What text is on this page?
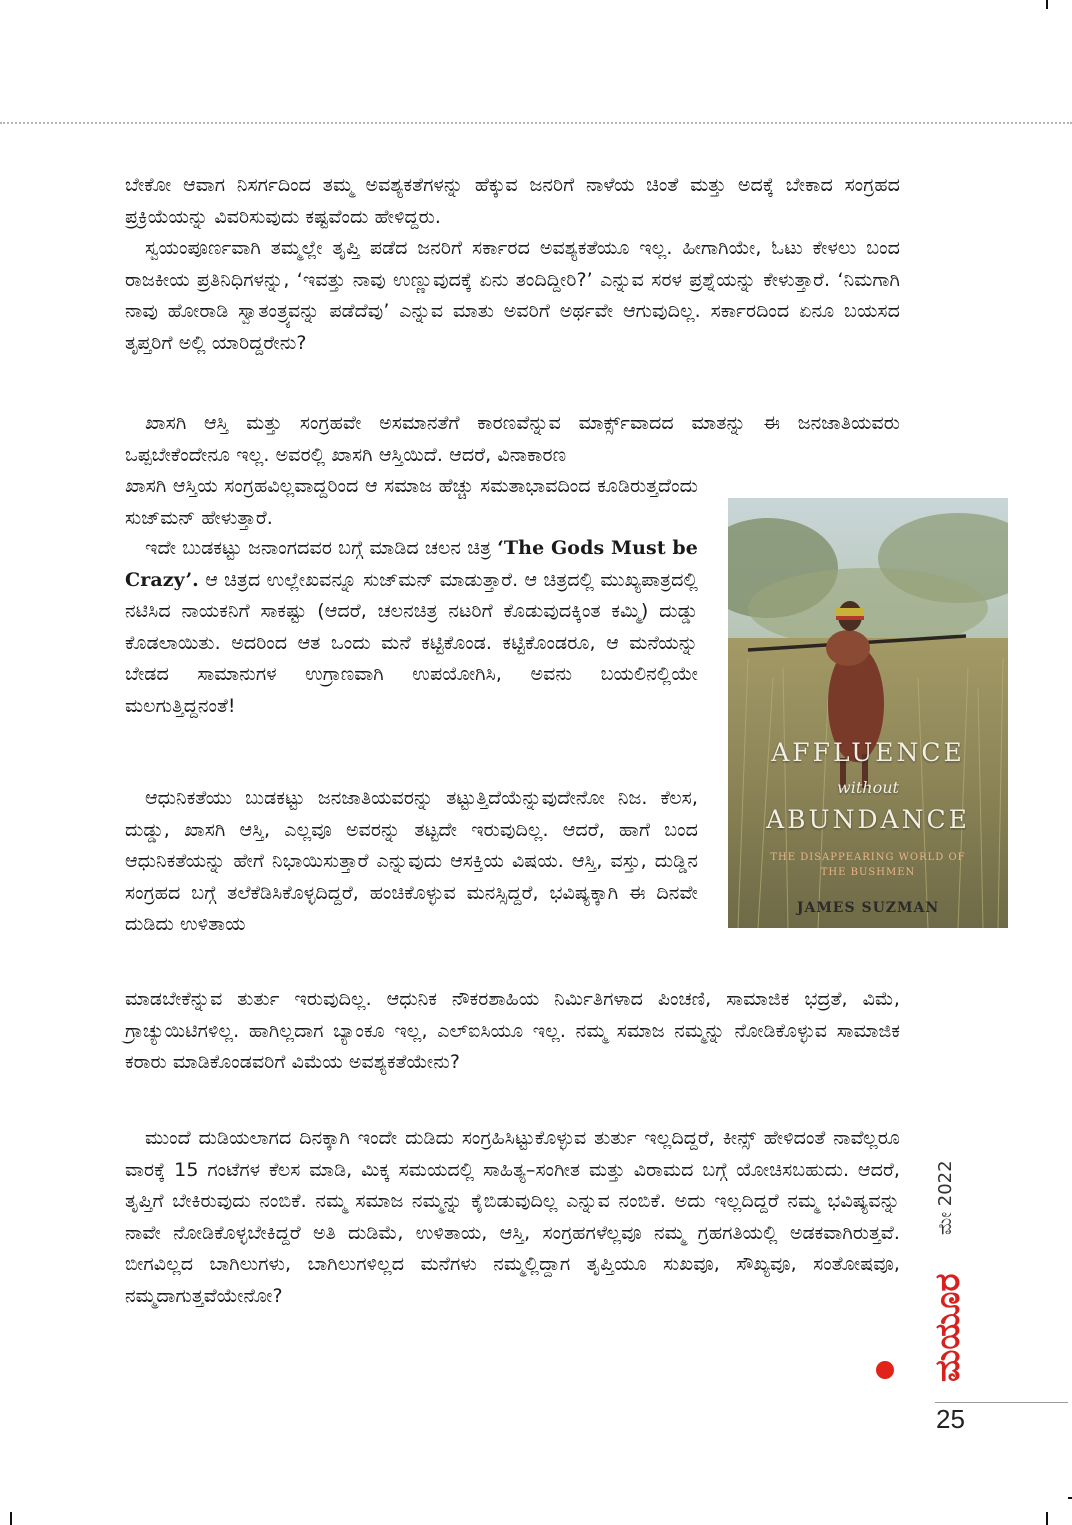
ಬೇಕೋ ಆವಾಗ ನಿಸರ್ಗದಿಂದ ತಮ್ಮ ಅವಶ್ಯಕತೆಗಳನ್ನು ಹೆಕ್ಕುವ ಜನರಿಗೆ ನಾಳೆಯ ಚಿಂತೆ ಮತ್ತು ಅದಕ್ಕೆ ಬೇಕಾದ ಸಂಗ್ರಹದ ಪ್ರಕ್ರಿಯೆಯನ್ನು ವಿವರಿಸುವುದು ಕಷ್ಟವೆಂದು ಹೇಳಿದ್ದರು.

ಸ್ವಯಂಪೂರ್ಣವಾಗಿ ತಮ್ಮಲ್ಲೇ ತೃಪ್ತಿ ಪಡೆದ ಜನರಿಗೆ ಸರ್ಕಾರದ ಅವಶ್ಯಕತೆಯೂ ಇಲ್ಲ. ಹೀಗಾಗಿಯೇ, ಓಟು ಕೇಳಲು ಬಂದ ರಾಜಕೀಯ ಪ್ರತಿನಿಧಿಗಳನ್ನು, ‘ಇವತ್ತು ನಾವು ಉಣ್ಣುವುದಕ್ಕೆ ಏನು ತಂದಿದ್ದೀರಿ?’ ಎನ್ನುವ ಸರಳ ಪ್ರಶ್ನೆಯನ್ನು ಕೇಳುತ್ತಾರೆ. ‘ನಿಮಗಾಗಿ ನಾವು ಹೋರಾಡಿ ಸ್ವಾತಂತ್ರ್ಯವನ್ನು ಪಡೆದೆವು’ ಎನ್ನುವ ಮಾತು ಅವರಿಗೆ ಅರ್ಥವೇ ಆಗುವುದಿಲ್ಲ. ಸರ್ಕಾರದಿಂದ ಏನೂ ಬಯಸದ ತೃಪ್ತರಿಗೆ ಅಲ್ಲಿ ಯಾರಿದ್ದರೇನು?

ಖಾಸಗಿ ಆಸ್ತಿ ಮತ್ತು ಸಂಗ್ರಹವೇ ಅಸಮಾನತೆಗೆ ಕಾರಣವೆನ್ನುವ ಮಾರ್ಕ್ಸ್‌ವಾದದ ಮಾತನ್ನು ಈ ಜನಜಾತಿಯವರು ಒಪ್ಪಬೇಕೆಂದೇನೂ ಇಲ್ಲ. ಅವರಲ್ಲಿ ಖಾಸಗಿ ಆಸ್ತಿಯಿದೆ. ಆದರೆ, ವಿನಾಕಾರಣ

ಖಾಸಗಿ ಆಸ್ತಿಯ ಸಂಗ್ರಹವಿಲ್ಲವಾದ್ದರಿಂದ ಆ ಸಮಾಜ ಹೆಚ್ಚು ಸಮತಾಭಾವದಿಂದ ಕೂಡಿರುತ್ತದೆಂದು ಸುಜ್‌ಮನ್ ಹೇಳುತ್ತಾರೆ.

ಇದೇ ಬುಡಕಟ್ಟು ಜನಾಂಗದವರ ಬಗ್ಗೆ ಮಾಡಿದ ಚಲನ ಚಿತ್ರ ‘The Gods Must be Crazy’. ಆ ಚಿತ್ರದ ಉಲ್ಲೇಖವನ್ನೂ ಸುಜ್‌ಮನ್ ಮಾಡುತ್ತಾರೆ. ಆ ಚಿತ್ರದಲ್ಲಿ ಮುಖ್ಯಪಾತ್ರದಲ್ಲಿ ನಟಿಸಿದ ನಾಯಕನಿಗೆ ಸಾಕಷ್ಟು (ಆದರೆ, ಚಲನಚಿತ್ರ ನಟರಿಗೆ ಕೊಡುವುದಕ್ಕಿಂತ ಕಮ್ಮಿ) ದುಡ್ಡು ಕೊಡಲಾಯಿತು. ಅದರಿಂದ ಆತ ಒಂದು ಮನೆ ಕಟ್ಟಿಕೊಂಡ. ಕಟ್ಟಿಕೊಂಡರೂ, ಆ ಮನೆಯನ್ನು ಬೇಡದ ಸಾಮಾನುಗಳ ಉಗ್ರಾಣವಾಗಿ ಉಪಯೋಗಿಸಿ, ಅವನು ಬಯಲಿನಲ್ಲಿಯೇ ಮಲಗುತ್ತಿದ್ದನಂತೆ!

ಆಧುನಿಕತೆಯು ಬುಡಕಟ್ಟು ಜನಜಾತಿಯವರನ್ನು ತಟ್ಟುತ್ತಿದೆಯೆನ್ನುವುದೇನೋ ನಿಜ. ಕೆಲಸ, ದುಡ್ಡು, ಖಾಸಗಿ ಆಸ್ತಿ, ಎಲ್ಲವೂ ಅವರನ್ನು ತಟ್ಟದೇ ಇರುವುದಿಲ್ಲ. ಆದರೆ, ಹಾಗೆ ಬಂದ ಆಧುನಿಕತೆಯನ್ನು ಹೇಗೆ ನಿಭಾಯಿಸುತ್ತಾರೆ ಎನ್ನುವುದು ಆಸಕ್ತಿಯ ವಿಷಯ. ಆಸ್ತಿ, ವಸ್ತು, ದುಡ್ಡಿನ ಸಂಗ್ರಹದ ಬಗ್ಗೆ ತಲೆಕೆಡಿಸಿಕೊಳ್ಳದಿದ್ದರೆ, ಹಂಚಿಕೊಳ್ಳುವ ಮನಸ್ಸಿದ್ದರೆ, ಭವಿಷ್ಯಕ್ಕಾಗಿ ಈ ದಿನವೇ ದುಡಿದು ಉಳಿತಾಯ

ಮಾಡಬೇಕೆನ್ನುವ ತುರ್ತು ಇರುವುದಿಲ್ಲ. ಆಧುನಿಕ ನೌಕರಶಾಹಿಯ ನಿರ್ಮಿತಿಗಳಾದ ಪಿಂಚಣಿ, ಸಾಮಾಜಿಕ ಭದ್ರತೆ, ವಿಮೆ, ಗ್ರಾಚ್ಯುಯಿಟಿಗಳಿಲ್ಲ. ಹಾಗಿಲ್ಲದಾಗ ಬ್ಯಾಂಕೂ ಇಲ್ಲ, ಎಲ್‌ಐಸಿಯೂ ಇಲ್ಲ. ನಮ್ಮ ಸಮಾಜ ನಮ್ಮನ್ನು ನೋಡಿಕೊಳ್ಳುವ ಸಾಮಾಜಿಕ ಕರಾರು ಮಾಡಿಕೊಂಡವರಿಗೆ ವಿಮೆಯ ಅವಶ್ಯಕತೆಯೇನು?

ಮುಂದೆ ದುಡಿಯಲಾಗದ ದಿನಕ್ಕಾಗಿ ಇಂದೇ ದುಡಿದು ಸಂಗ್ರಹಿಸಿಟ್ಟುಕೊಳ್ಳುವ ತುರ್ತು ಇಲ್ಲದಿದ್ದರೆ, ಕೀನ್ಸ್ ಹೇಳಿದಂತೆ ನಾವೆಲ್ಲರೂ ವಾರಕ್ಕೆ 15 ಗಂಟೆಗಳ ಕೆಲಸ ಮಾಡಿ, ಮಿಕ್ಕ ಸಮಯದಲ್ಲಿ ಸಾಹಿತ್ಯ–ಸಂಗೀತ ಮತ್ತು ವಿರಾಮದ ಬಗ್ಗೆ ಯೋಚಿಸಬಹುದು. ಆದರೆ, ತೃಪ್ತಿಗೆ ಬೇಕಿರುವುದು ನಂಬಿಕೆ. ನಮ್ಮ ಸಮಾಜ ನಮ್ಮನ್ನು ಕೈಬಿಡುವುದಿಲ್ಲ ಎನ್ನುವ ನಂಬಿಕೆ. ಅದು ಇಲ್ಲದಿದ್ದರೆ ನಮ್ಮ ಭವಿಷ್ಯವನ್ನು ನಾವೇ ನೋಡಿಕೊಳ್ಳಬೇಕಿದ್ದರೆ ಅತಿ ದುಡಿಮೆ, ಉಳಿತಾಯ, ಆಸ್ತಿ, ಸಂಗ್ರಹಗಳೆಲ್ಲವೂ ನಮ್ಮ ಗ್ರಹಗತಿಯಲ್ಲಿ ಅಡಕವಾಗಿರುತ್ತವೆ. ಬೀಗವಿಲ್ಲದ ಬಾಗಿಲುಗಳು, ಬಾಗಿಲುಗಳಿಲ್ಲದ ಮನೆಗಳು ನಮ್ಮಲ್ಲಿದ್ದಾಗ ತೃಪ್ತಿಯೂ ಸುಖವೂ, ಸೌಖ್ಯವೂ, ಸಂತೋಷವೂ, ನಮ್ಮದಾಗುತ್ತವೆಯೇನೋ?

AFFLUENCE
without
ABUNDANCE
THE DISAPPEARING WORLD OF
THE BUSHMEN
JAMES SUZMAN
ಮೇ 2022
ಮಯೂರ
25
